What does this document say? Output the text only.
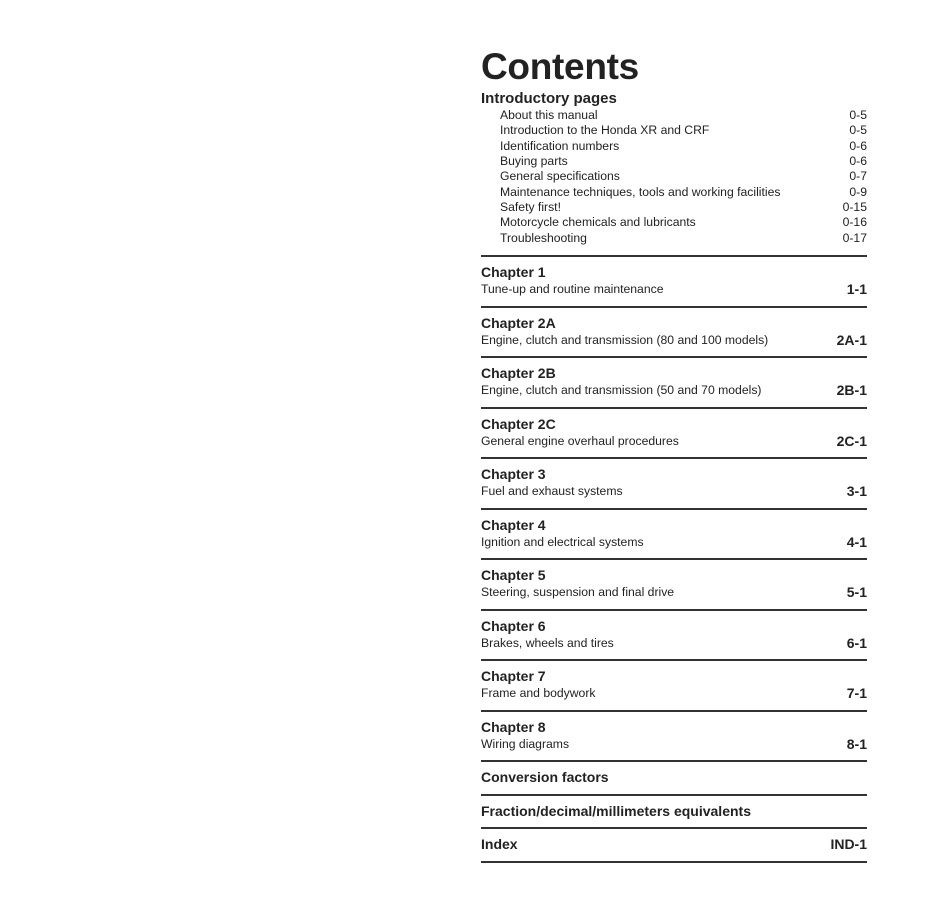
Contents
Introductory pages
About this manual	0-5
Introduction to the Honda XR and CRF	0-5
Identification numbers	0-6
Buying parts	0-6
General specifications	0-7
Maintenance techniques, tools and working facilities	0-9
Safety first!	0-15
Motorcycle chemicals and lubricants	0-16
Troubleshooting	0-17
Chapter 1
Tune-up and routine maintenance	1-1
Chapter 2A
Engine, clutch and transmission (80 and 100 models)	2A-1
Chapter 2B
Engine, clutch and transmission (50 and 70 models)	2B-1
Chapter 2C
General engine overhaul procedures	2C-1
Chapter 3
Fuel and exhaust systems	3-1
Chapter 4
Ignition and electrical systems	4-1
Chapter 5
Steering, suspension and final drive	5-1
Chapter 6
Brakes, wheels and tires	6-1
Chapter 7
Frame and bodywork	7-1
Chapter 8
Wiring diagrams	8-1
Conversion factors
Fraction/decimal/millimeters equivalents
Index	IND-1
